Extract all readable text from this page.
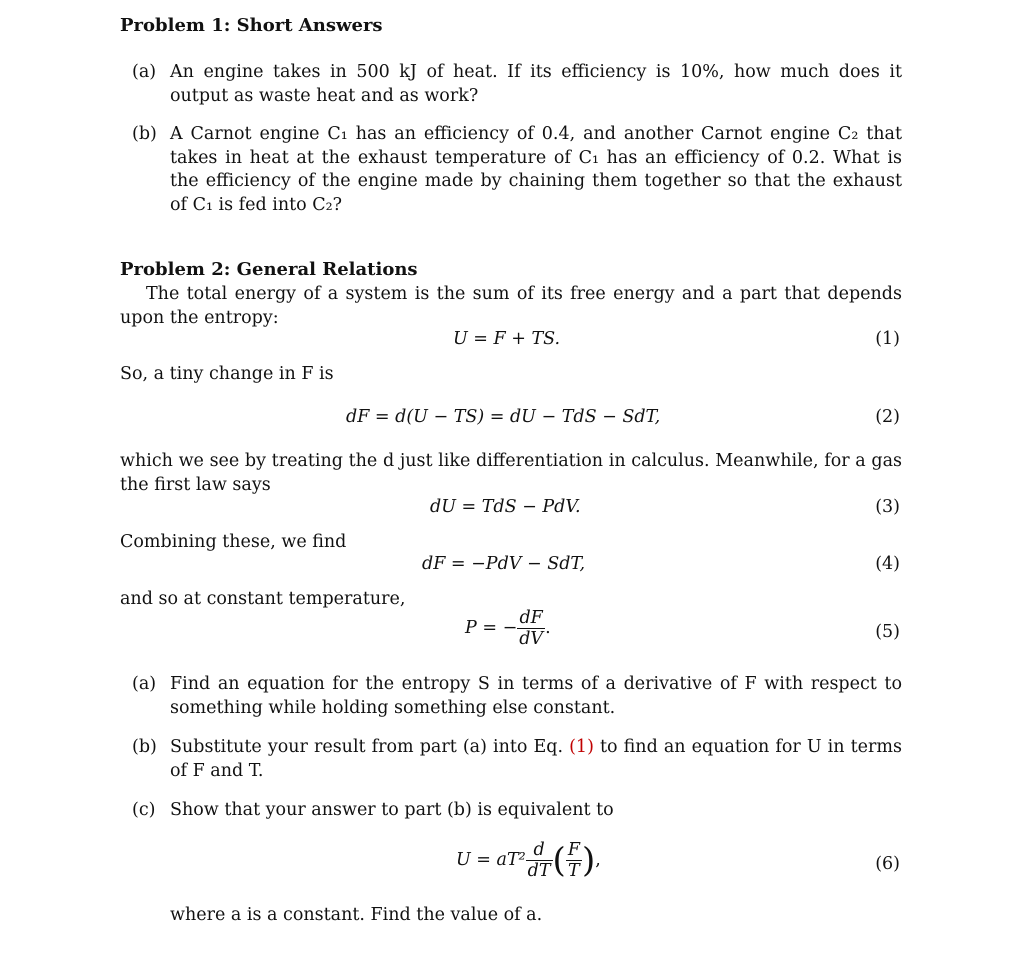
Problem 1: Short Answers
(a) An engine takes in 500 kJ of heat. If its efficiency is 10%, how much does it output as waste heat and as work?
(b) A Carnot engine C₁ has an efficiency of 0.4, and another Carnot engine C₂ that takes in heat at the exhaust temperature of C₁ has an efficiency of 0.2. What is the efficiency of the engine made by chaining them together so that the exhaust of C₁ is fed into C₂?
Problem 2: General Relations
The total energy of a system is the sum of its free energy and a part that depends upon the entropy:
U = F + TS.	(1)
So, a tiny change in F is
dF = d(U − TS) = dU − TdS − SdT,	(2)
which we see by treating the d just like differentiation in calculus. Meanwhile, for a gas the first law says
dU = TdS − PdV.	(3)
Combining these, we find
dF = −PdV − SdT,	(4)
and so at constant temperature,
P = − $\frac{dF}{dV}$ .	(5)
(a) Find an equation for the entropy S in terms of a derivative of F with respect to something while holding something else constant.
(b) Substitute your result from part (a) into Eq. (1) to find an equation for U in terms of F and T.
(c) Show that your answer to part (b) is equivalent to
$U = aT^2 \frac{d}{dT}$ ( $\frac{F}{T}$ ),	(6)
where a is a constant. Find the value of a.
